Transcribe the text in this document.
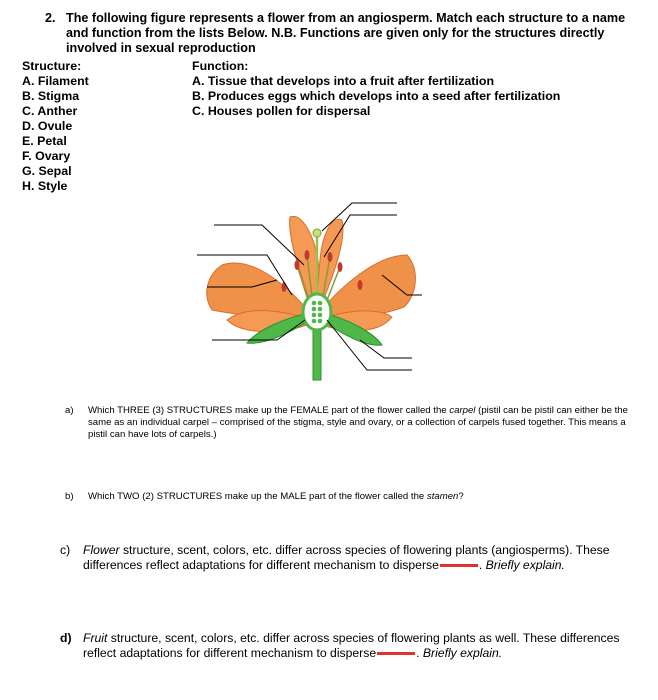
2. The following figure represents a flower from an angiosperm. Match each structure to a name and function from the lists Below. N.B. Functions are given only for the structures directly involved in sexual reproduction
Structure:
A. Filament
B. Stigma
C. Anther
D. Ovule
E. Petal
F. Ovary
G. Sepal
H. Style
Function:
A. Tissue that develops into a fruit after fertilization
B. Produces eggs which develops into a seed after fertilization
C. Houses pollen for dispersal
a) Which THREE (3) STRUCTURES make up the FEMALE part of the flower called the carpel (pistil can be pistil can either be the same as an individual carpel – comprised of the stigma, style and ovary, or a collection of carpels fused together. This means a pistil can have lots of carpels.)
b) Which TWO (2) STRUCTURES make up the MALE part of the flower called the stamen?
c) Flower structure, scent, colors, etc. differ across species of flowering plants (angiosperms). These differences reflect adaptations for different mechanism to disperse	. Briefly explain.
d) Fruit structure, scent, colors, etc. differ across species of flowering plants as well. These differences reflect adaptations for different mechanism to disperse	. Briefly explain.
